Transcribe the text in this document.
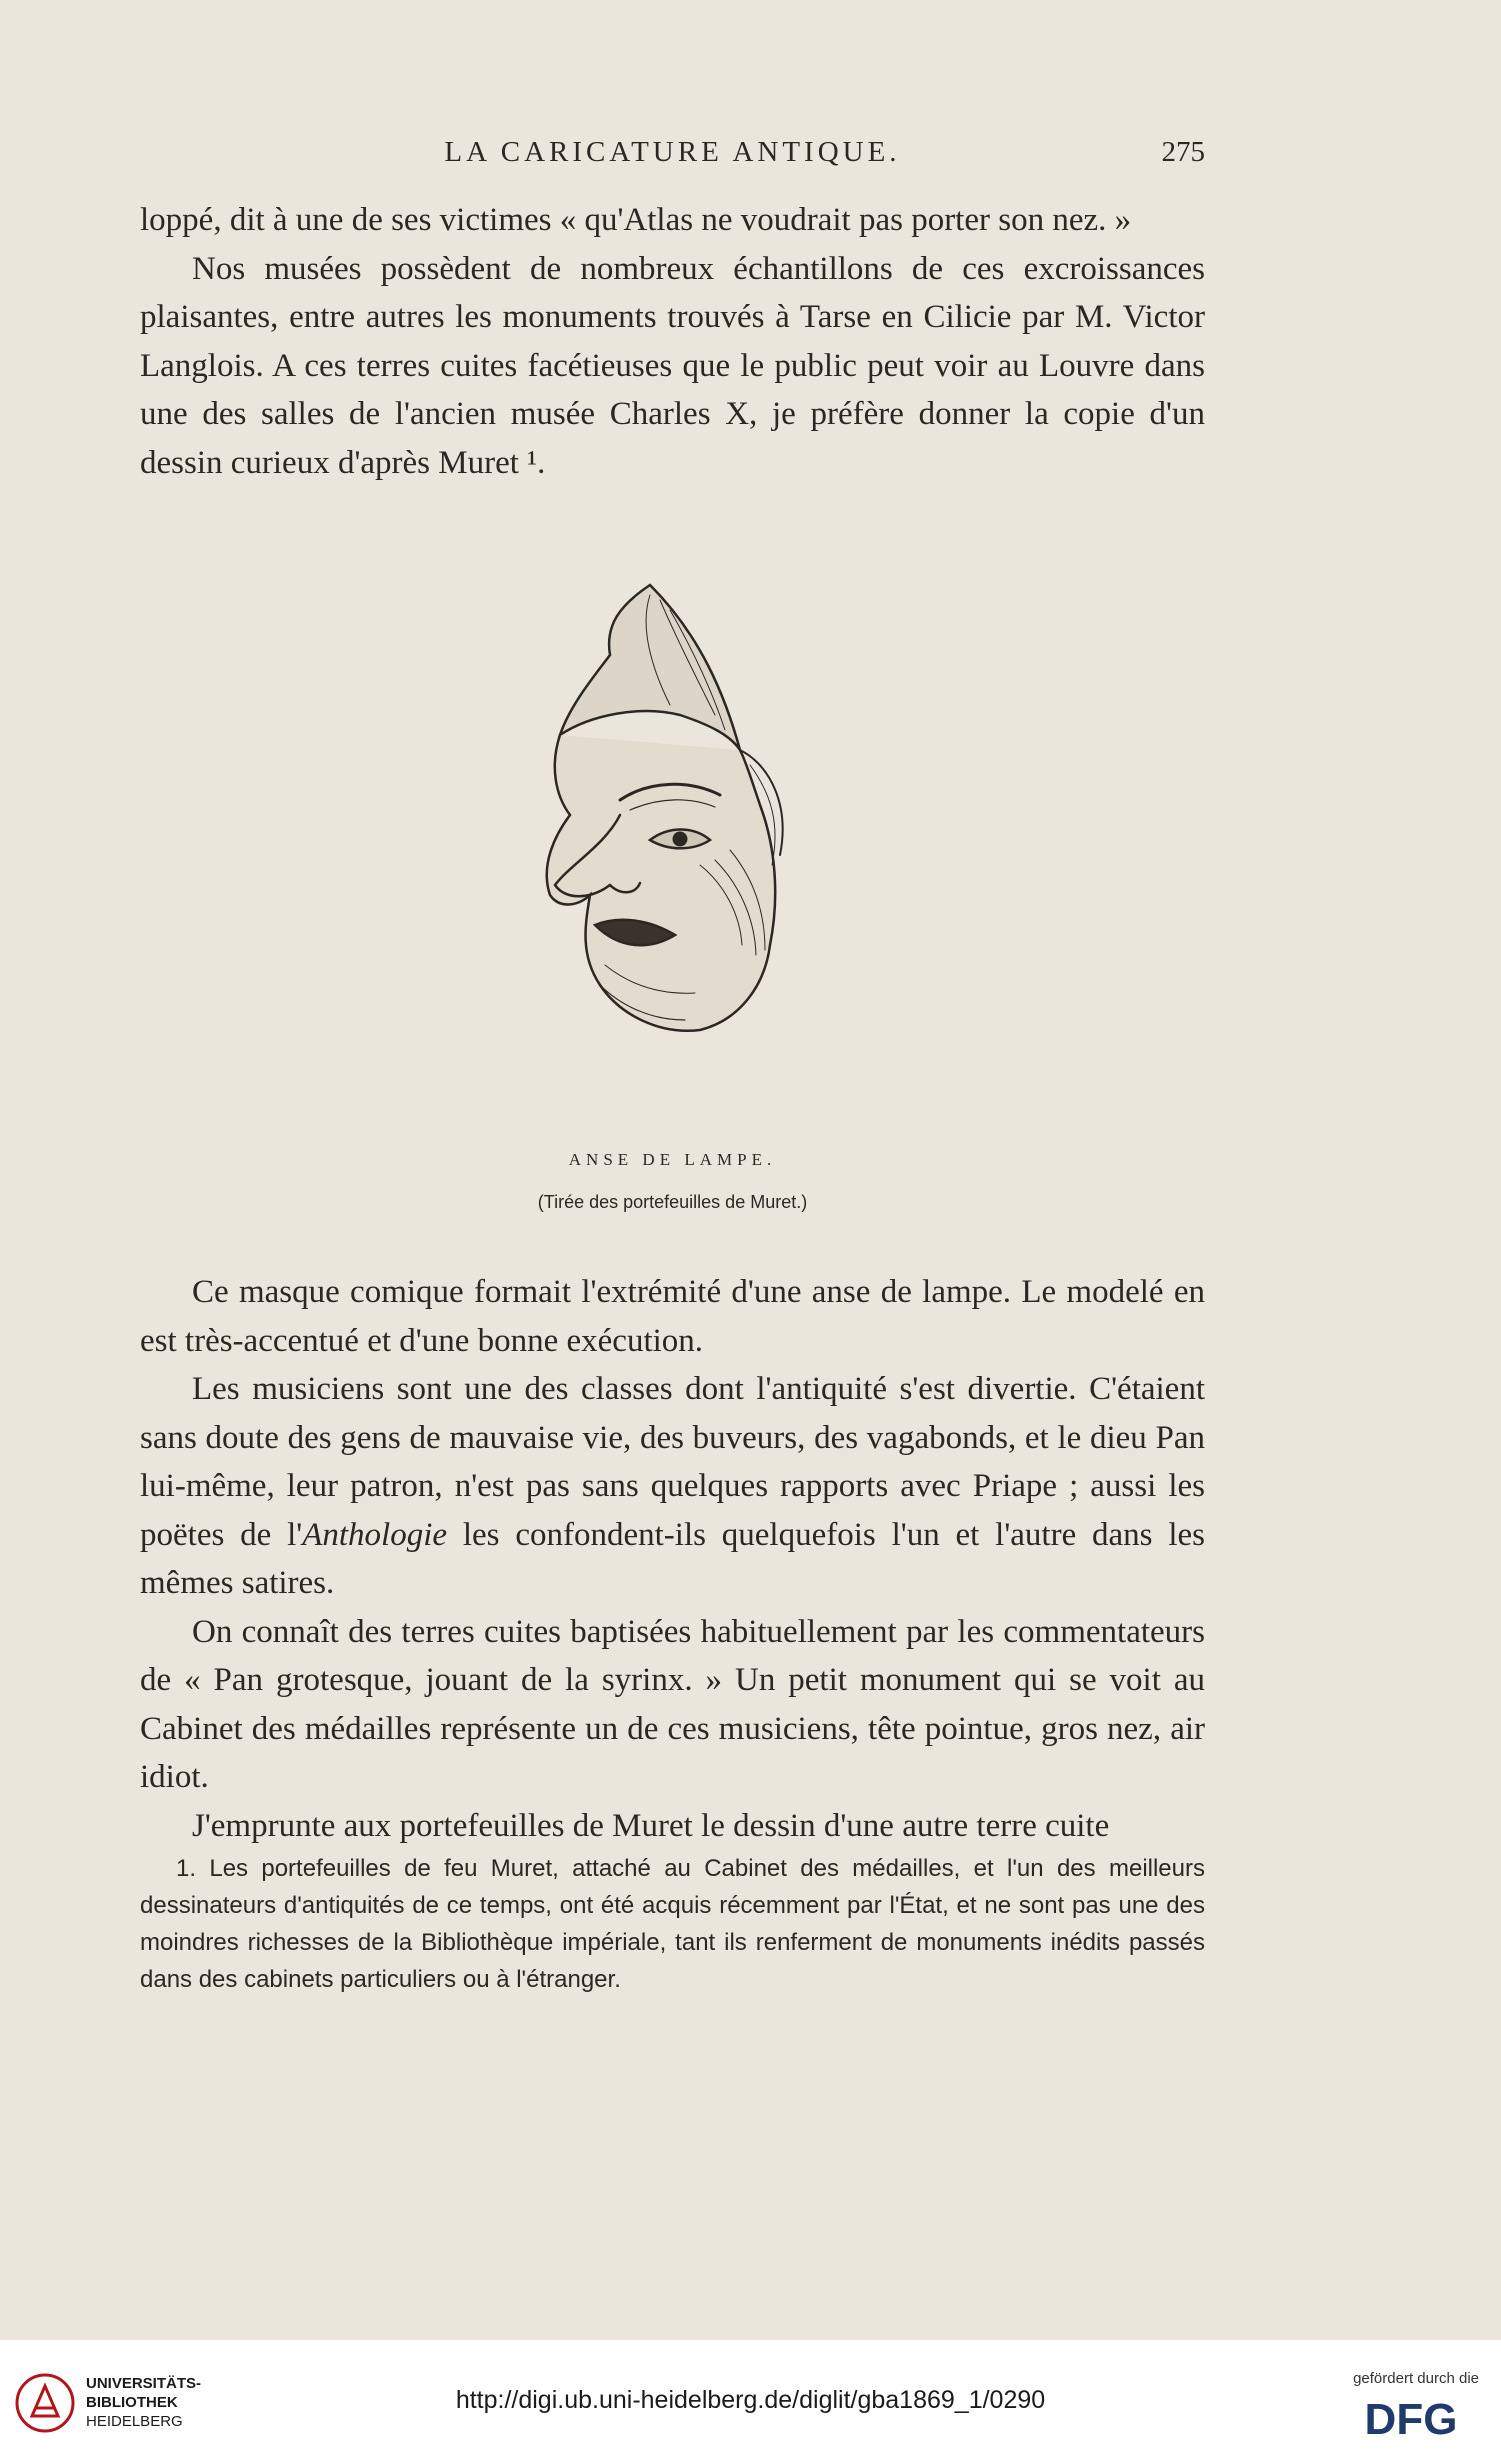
LA CARICATURE ANTIQUE.	275

loppé, dit à une de ses victimes « qu'Atlas ne voudrait pas porter son nez. »

Nos musées possèdent de nombreux échantillons de ces excroissances plaisantes, entre autres les monuments trouvés à Tarse en Cilicie par M. Victor Langlois. A ces terres cuites facétieuses que le public peut voir au Louvre dans une des salles de l'ancien musée Charles X, je préfère donner la copie d'un dessin curieux d'après Muret ¹.

ANSE DE LAMPE.
(Tirée des portefeuilles de Muret.)

Ce masque comique formait l'extrémité d'une anse de lampe. Le modelé en est très-accentué et d'une bonne exécution.

Les musiciens sont une des classes dont l'antiquité s'est divertie. C'étaient sans doute des gens de mauvaise vie, des buveurs, des vagabonds, et le dieu Pan lui-même, leur patron, n'est pas sans quelques rapports avec Priape ; aussi les poëtes de l'Anthologie les confondent-ils quelquefois l'un et l'autre dans les mêmes satires.

On connaît des terres cuites baptisées habituellement par les commentateurs de « Pan grotesque, jouant de la syrinx. » Un petit monument qui se voit au Cabinet des médailles représente un de ces musiciens, tête pointue, gros nez, air idiot.

J'emprunte aux portefeuilles de Muret le dessin d'une autre terre cuite

1. Les portefeuilles de feu Muret, attaché au Cabinet des médailles, et l'un des meilleurs dessinateurs d'antiquités de ce temps, ont été acquis récemment par l'État, et ne sont pas une des moindres richesses de la Bibliothèque impériale, tant ils renferment de monuments inédits passés dans des cabinets particuliers ou à l'étranger.

UNIVERSITÄTS-
BIBLIOTHEK
HEIDELBERG
http://digi.ub.uni-heidelberg.de/diglit/gba1869_1/0290
gefördert durch die
DFG
